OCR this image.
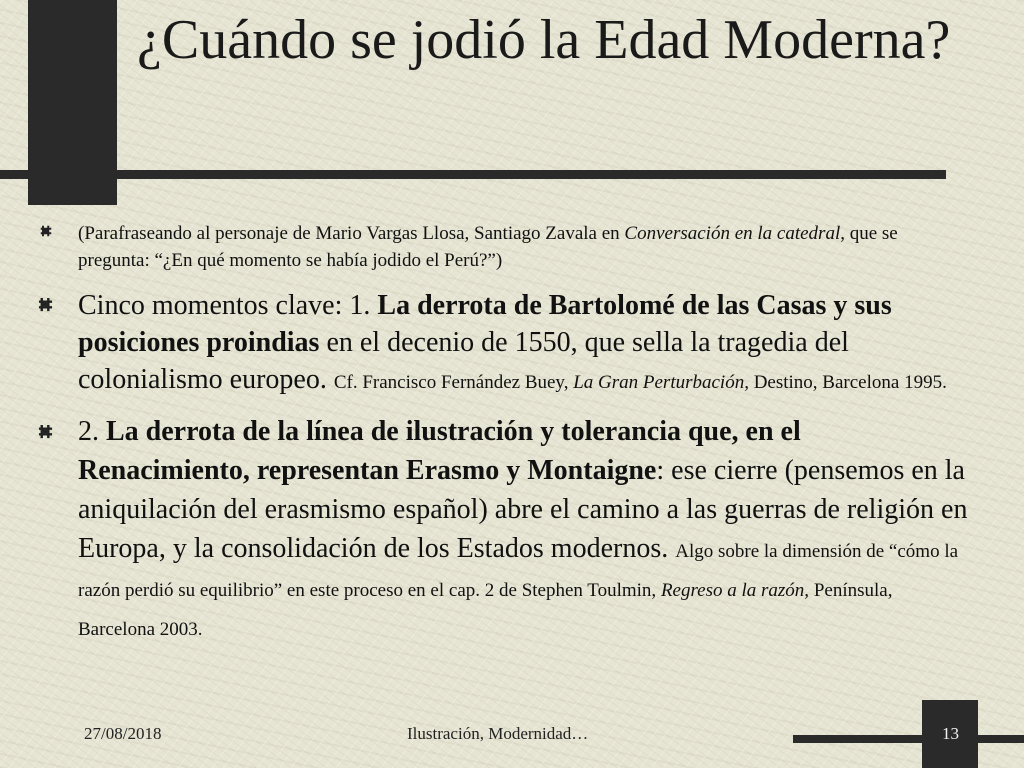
¿Cuándo se jodió la Edad Moderna?
(Parafraseando al personaje de Mario Vargas Llosa, Santiago Zavala en Conversación en la catedral, que se pregunta: “¿En qué momento se había jodido el Perú?”)
Cinco momentos clave: 1. La derrota de Bartolomé de las Casas y sus posiciones proindias en el decenio de 1550, que sella la tragedia del colonialismo europeo. Cf. Francisco Fernández Buey, La Gran Perturbación, Destino, Barcelona 1995.
2. La derrota de la línea de ilustración y tolerancia que, en el Renacimiento, representan Erasmo y Montaigne: ese cierre (pensemos en la aniquilación del erasmismo español) abre el camino a las guerras de religión en Europa, y la consolidación de los Estados modernos. Algo sobre la dimensión de “cómo la razón perdió su equilibrio” en este proceso en el cap. 2 de Stephen Toulmin, Regreso a la razón, Península, Barcelona 2003.
27/08/2018	Ilustración, Modernidad…	13
